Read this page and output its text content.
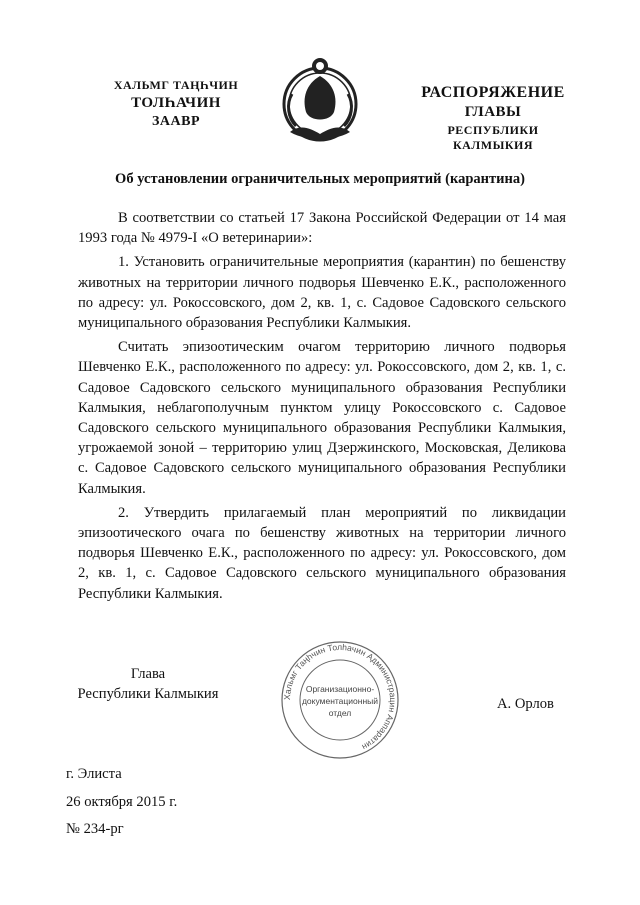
ХАЛЬМГ ТАҢҺЧИН
ТОЛҺАЧИН
ЗААВР
РАСПОРЯЖЕНИЕ
ГЛАВЫ
РЕСПУБЛИКИ КАЛМЫКИЯ
Об установлении ограничительных мероприятий (карантина)

В соответствии со статьей 17 Закона Российской Федерации от 14 мая 1993 года № 4979-I «О ветеринарии»:

1. Установить ограничительные мероприятия (карантин) по бешенству животных на территории личного подворья Шевченко Е.К., расположенного по адресу: ул. Рокоссовского, дом 2, кв. 1, с. Садовое Садовского сельского муниципального образования Республики Калмыкия.

Считать эпизоотическим очагом территорию личного подворья Шевченко Е.К., расположенного по адресу: ул. Рокоссовского, дом 2, кв. 1, с. Садовое Садовского сельского муниципального образования Республики Калмыкия, неблагополучным пунктом улицу Рокоссовского с. Садовое Садовского сельского муниципального образования Республики Калмыкия, угрожаемой зоной – территорию улиц Дзержинского, Московская, Деликова с. Садовое Садовского сельского муниципального образования Республики Калмыкия.

2. Утвердить прилагаемый план мероприятий по ликвидации эпизоотического очага по бешенству животных на территории личного подворья Шевченко Е.К., расположенного по адресу: ул. Рокоссовского, дом 2, кв. 1, с. Садовое Садовского сельского муниципального образования Республики Калмыкия.

Глава
Республики Калмыкия	Хальмг Таңһчин Толһачин Администрацин Аппаратин
Организационно-
документационный
отдел
А. Орлов
г. Элиста
26 октября 2015 г.
№ 234-рг
